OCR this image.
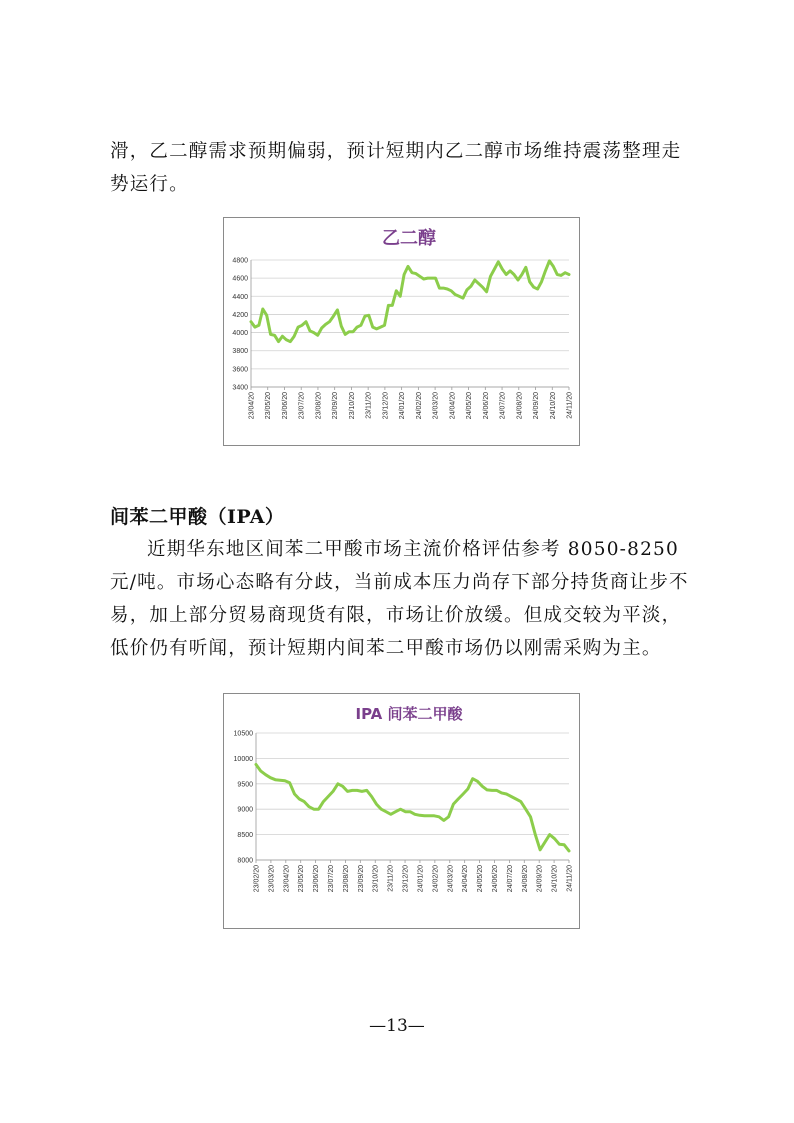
滑，乙二醇需求预期偏弱，预计短期内乙二醇市场维持震荡整理走势运行。

乙二醇
4800
4600
4400
4200
4000
3800
3600
3400
23/04/20 23/05/20 23/06/20 23/07/20 23/08/20 23/09/20 23/10/20 23/11/20 23/12/20 24/01/20 24/02/20 24/03/20 24/04/20 24/05/20 24/06/20 24/07/20 24/08/20 24/09/20 24/10/20 24/11/20
间苯二甲酸（IPA）

近期华东地区间苯二甲酸市场主流价格评估参考 8050-8250 元/吨。市场心态略有分歧，当前成本压力尚存下部分持货商让步不易，加上部分贸易商现货有限，市场让价放缓。但成交较为平淡，低价仍有听闻，预计短期内间苯二甲酸市场仍以刚需采购为主。

IPA 间苯二甲酸
10500
10000
9500
9000
8500
8000
23/02/20 23/03/20 23/04/20 23/05/20 23/06/20 23/07/20 23/08/20 23/09/20 23/10/20 23/11/20 23/12/20 24/01/20 24/02/20 24/03/20 24/04/20 24/05/20 24/06/20 24/07/20 24/08/20 24/09/20 24/10/20 24/11/20
—13—
